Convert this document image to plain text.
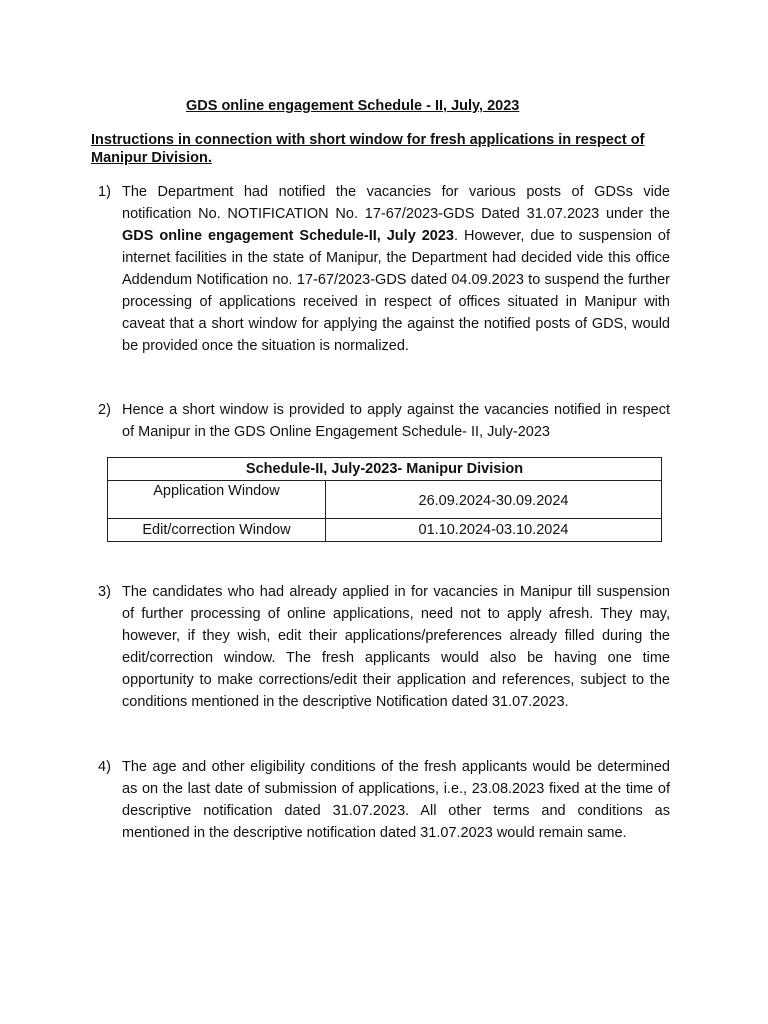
GDS online engagement Schedule - II, July, 2023
Instructions in connection with short window for fresh applications in respect of Manipur Division.
1) The Department had notified the vacancies for various posts of GDSs vide notification No. NOTIFICATION No. 17-67/2023-GDS Dated 31.07.2023 under the GDS online engagement Schedule-II, July 2023. However, due to suspension of internet facilities in the state of Manipur, the Department had decided vide this office Addendum Notification no. 17-67/2023-GDS dated 04.09.2023 to suspend the further processing of applications received in respect of offices situated in Manipur with caveat that a short window for applying the against the notified posts of GDS, would be provided once the situation is normalized.
2) Hence a short window is provided to apply against the vacancies notified in respect of Manipur in the GDS Online Engagement Schedule- II, July-2023
Schedule-II, July-2023- Manipur Division	
Application Window	26.09.2024-30.09.2024
Edit/correction Window	01.10.2024-03.10.2024
3) The candidates who had already applied in for vacancies in Manipur till suspension of further processing of online applications, need not to apply afresh. They may, however, if they wish, edit their applications/preferences already filled during the edit/correction window. The fresh applicants would also be having one time opportunity to make corrections/edit their application and references, subject to the conditions mentioned in the descriptive Notification dated 31.07.2023.
4) The age and other eligibility conditions of the fresh applicants would be determined as on the last date of submission of applications, i.e., 23.08.2023 fixed at the time of descriptive notification dated 31.07.2023. All other terms and conditions as mentioned in the descriptive notification dated 31.07.2023 would remain same.
